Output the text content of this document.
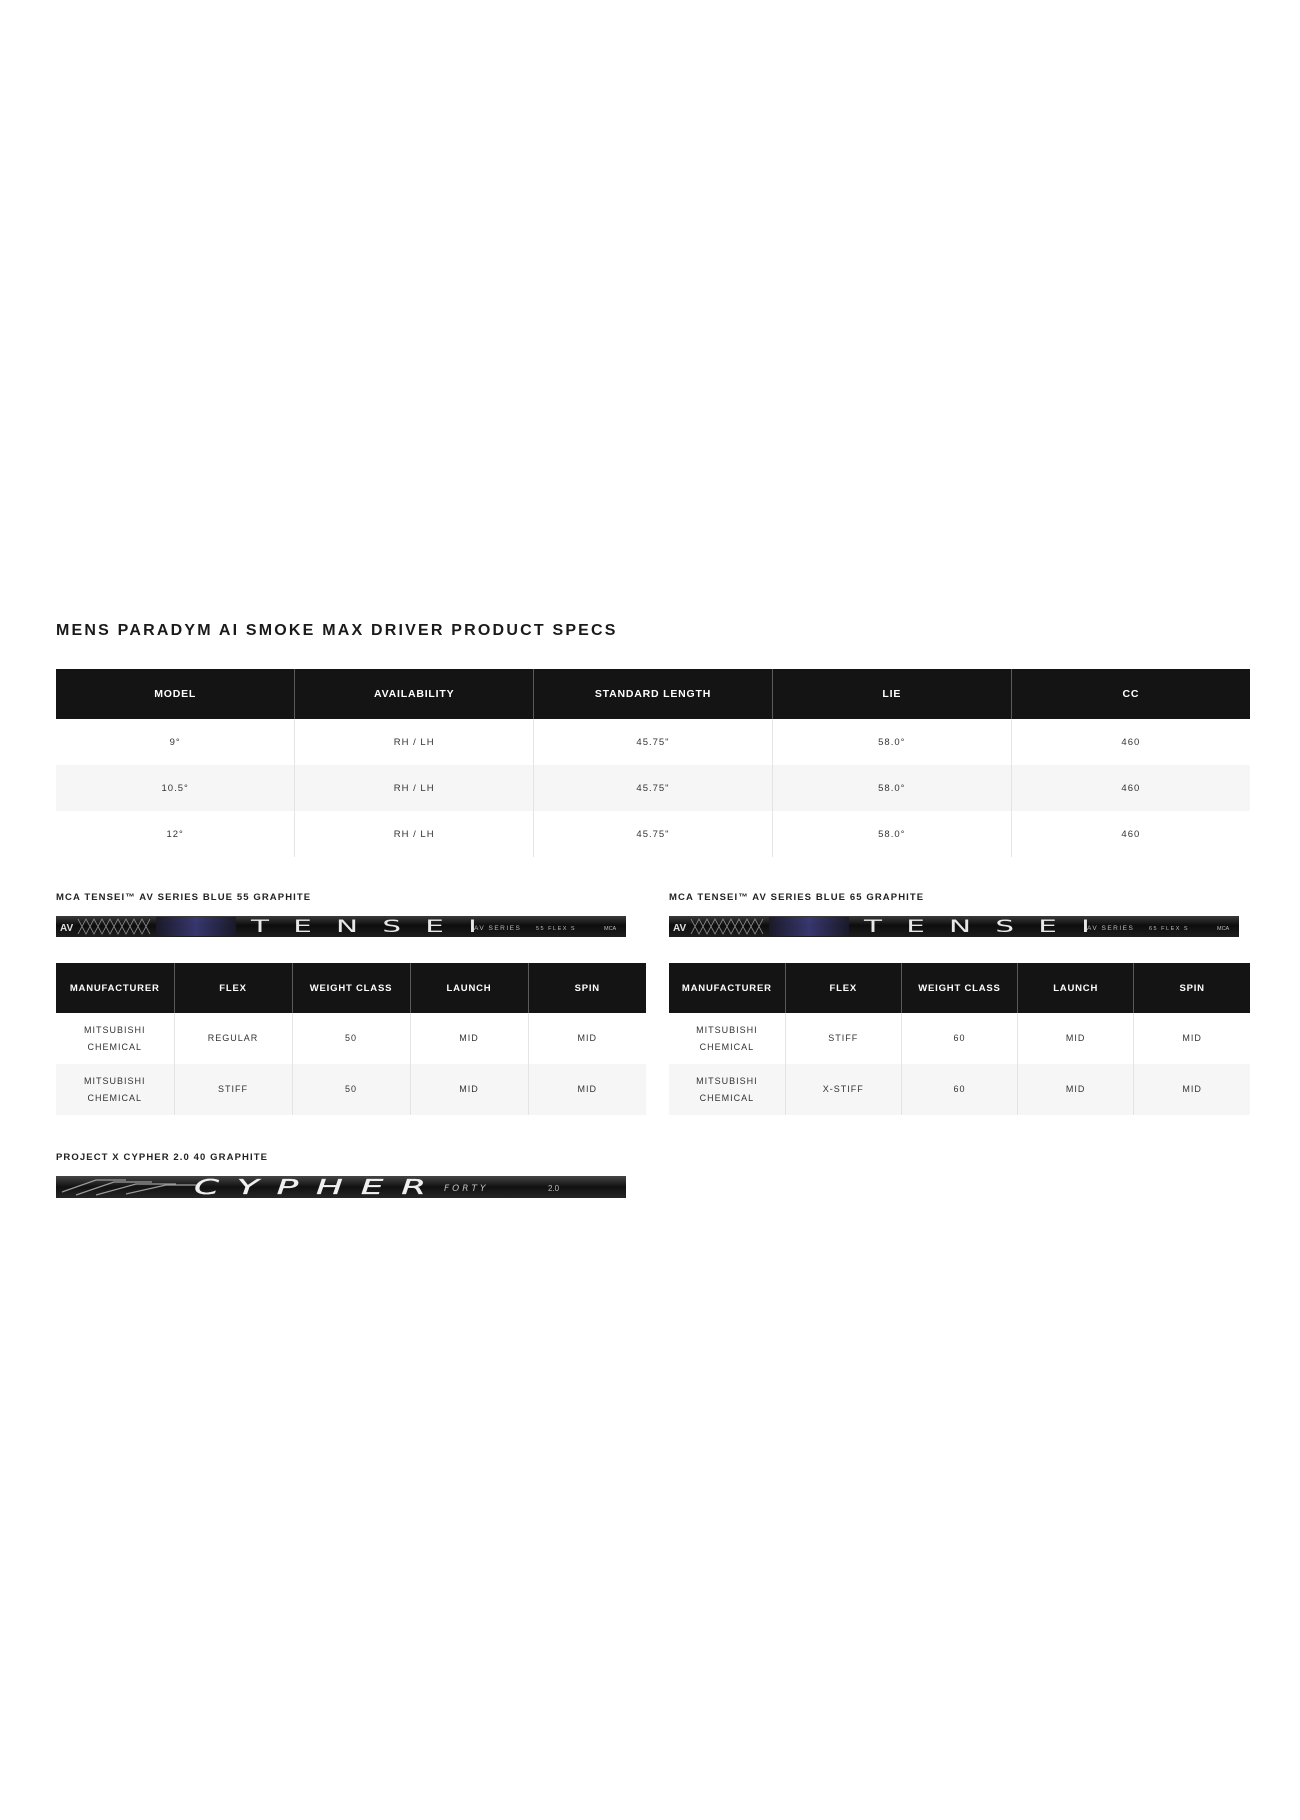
MENS PARADYM AI SMOKE MAX DRIVER PRODUCT SPECS
MODEL	AVAILABILITY	STANDARD LENGTH	LIE	CC
9°	RH / LH	45.75"	58.0°	460
10.5°	RH / LH	45.75"	58.0°	460
12°	RH / LH	45.75"	58.0°	460
MCA TENSEI™ AV SERIES BLUE 55 GRAPHITE
AV	TENSEI
AV SERIES	55 FLEX S	MCA
MCA TENSEI™ AV SERIES BLUE 65 GRAPHITE
AV	TENSEI
AV SERIES	65 FLEX S	MCA
MANUFACTURER	FLEX	WEIGHT CLASS	LAUNCH	SPIN
MITSUBISHI CHEMICAL	REGULAR	50	MID	MID
MITSUBISHI CHEMICAL	STIFF	50	MID	MID
MANUFACTURER	FLEX	WEIGHT CLASS	LAUNCH	SPIN
MITSUBISHI CHEMICAL	STIFF	60	MID	MID
MITSUBISHI CHEMICAL	X-STIFF	60	MID	MID
PROJECT X CYPHER 2.0 40 GRAPHITE
CYPHER FORTY	2.0
